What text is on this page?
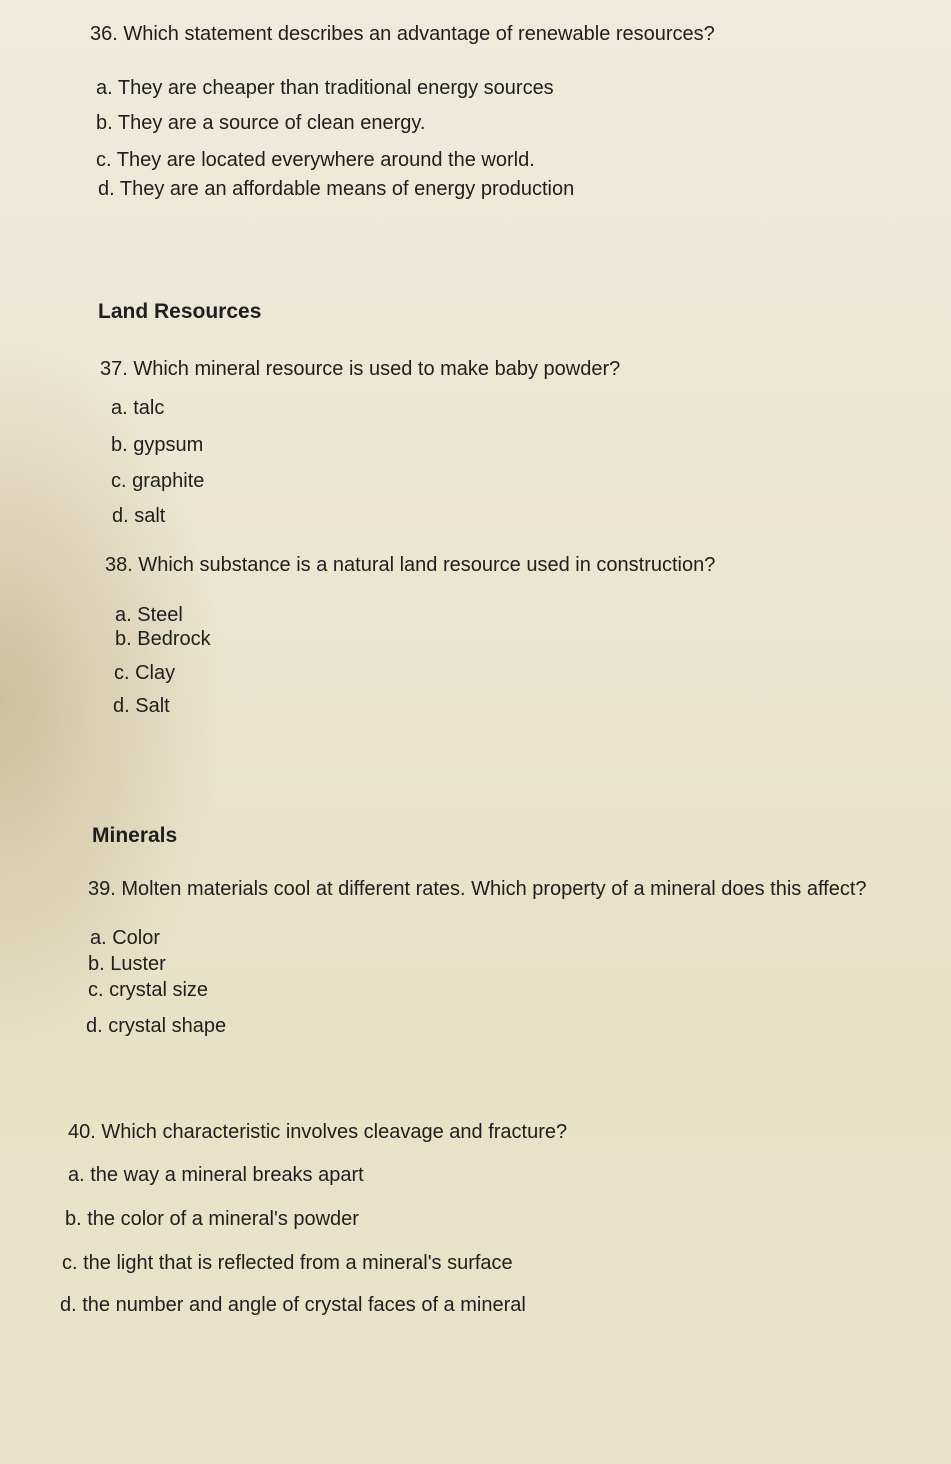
36. Which statement describes an advantage of renewable resources?
a. They are cheaper than traditional energy sources
b. They are a source of clean energy.
c. They are located everywhere around the world.
d. They are an affordable means of energy production
Land Resources
37. Which mineral resource is used to make baby powder?
a. talc
b. gypsum
c. graphite
d. salt
38. Which substance is a natural land resource used in construction?
a. Steel
b. Bedrock
c. Clay
d. Salt
Minerals
39. Molten materials cool at different rates. Which property of a mineral does this affect?
a. Color
b. Luster
c. crystal size
d. crystal shape
40. Which characteristic involves cleavage and fracture?
a. the way a mineral breaks apart
b. the color of a mineral's powder
c. the light that is reflected from a mineral's surface
d. the number and angle of crystal faces of a mineral
